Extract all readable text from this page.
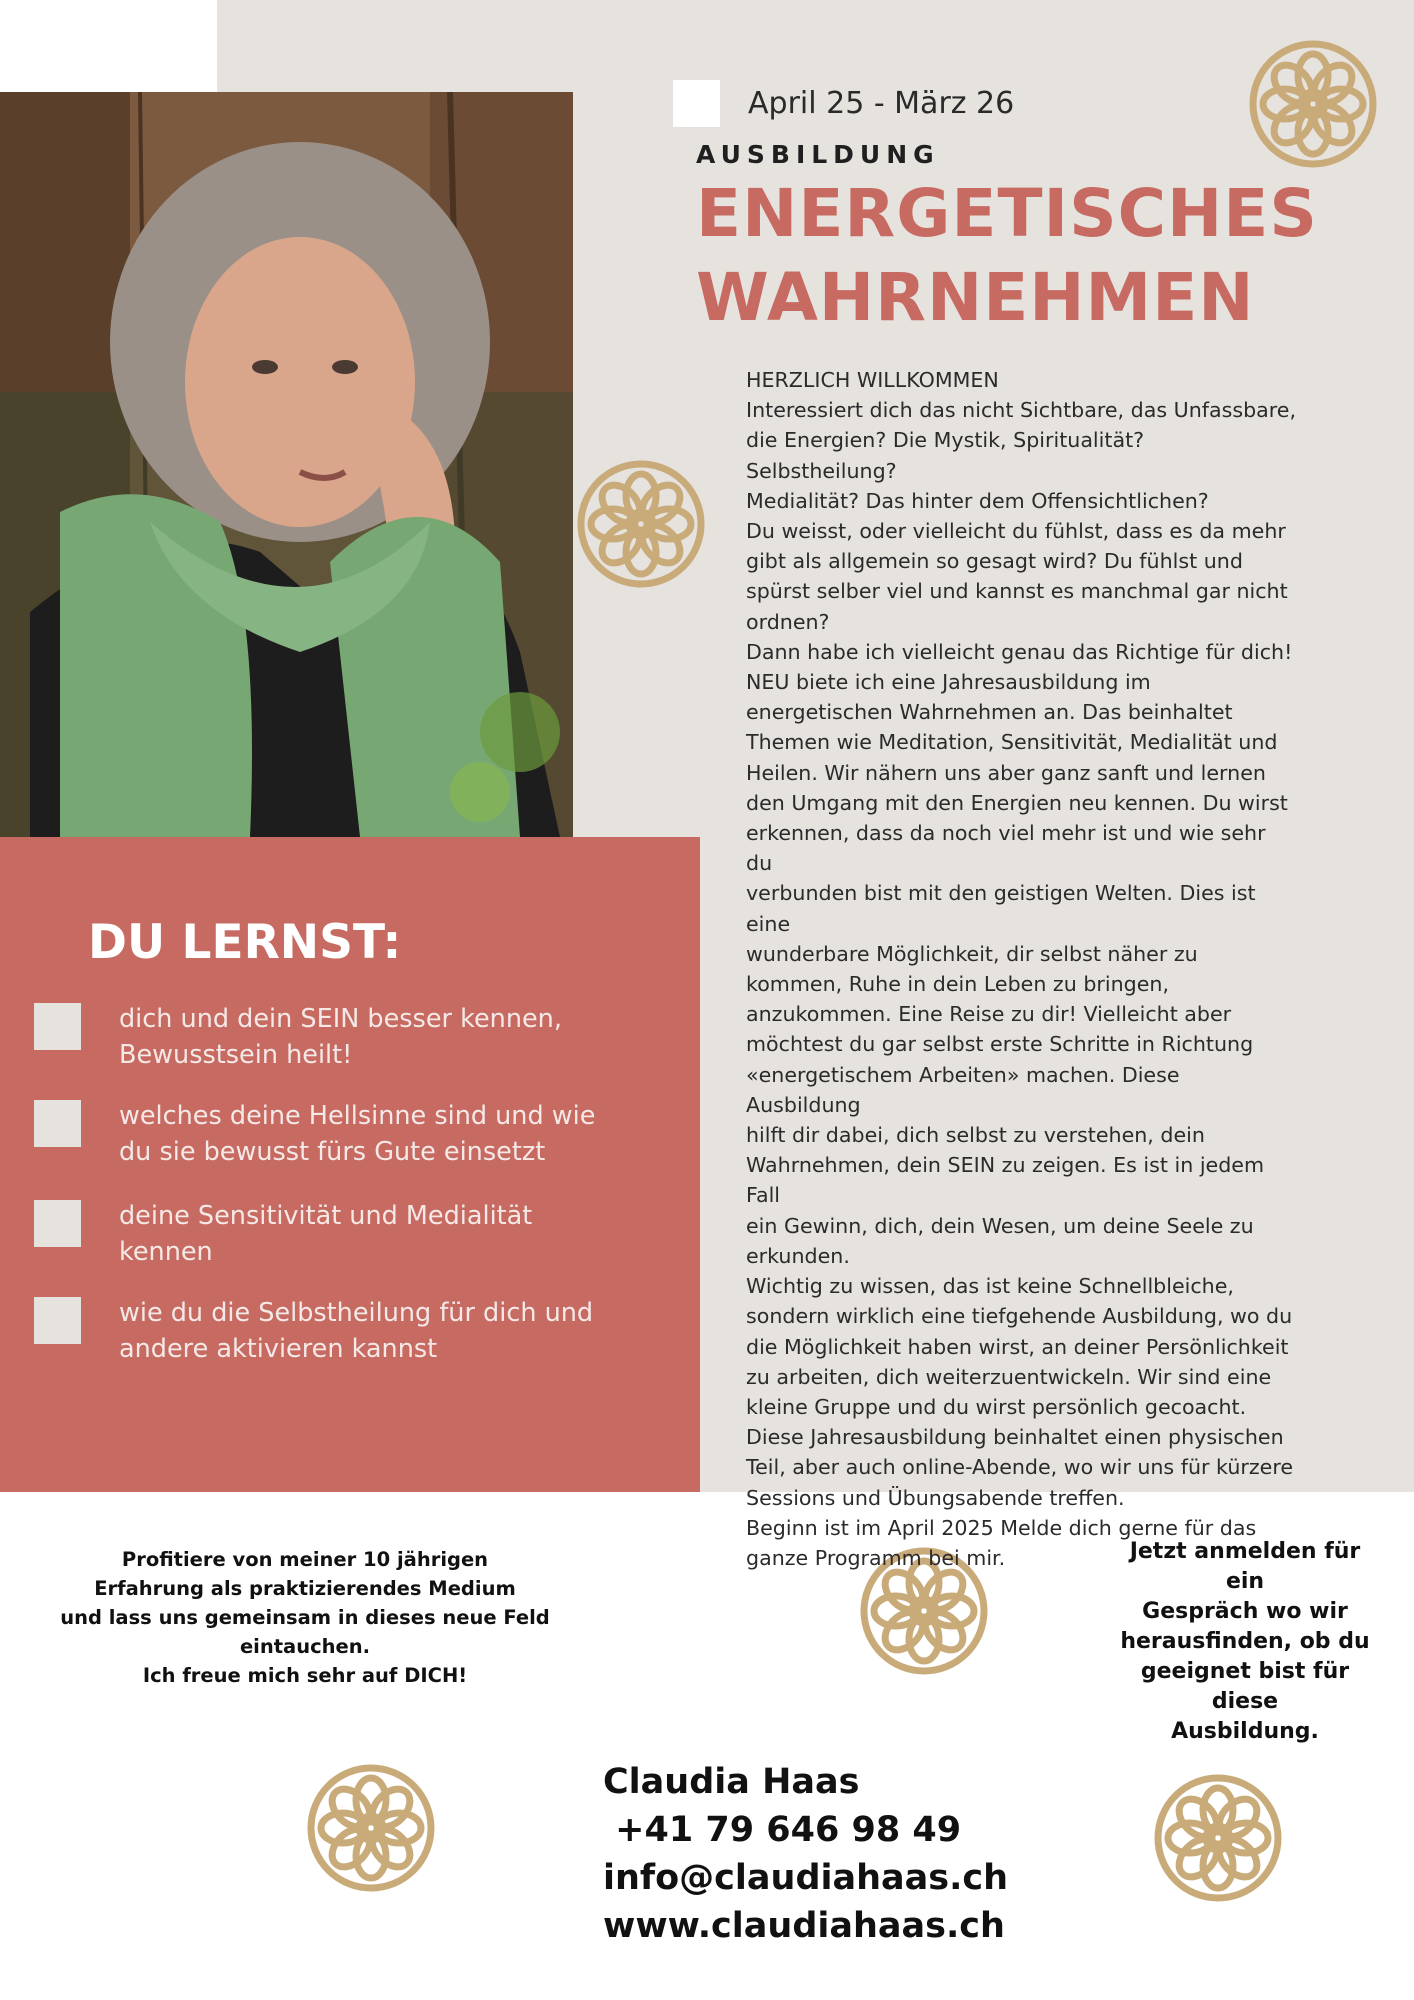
April 25 - März 26
AUSBILDUNG
ENERGETISCHES
WAHRNEHMEN

HERZLICH WILLKOMMEN

Interessiert dich das nicht Sichtbare, das Unfassbare,

die Energien? Die Mystik, Spiritualität? Selbstheilung?

Medialität? Das hinter dem Offensichtlichen?

Du weisst, oder vielleicht du fühlst, dass es da mehr

gibt als allgemein so gesagt wird? Du fühlst und

spürst selber viel und kannst es manchmal gar nicht

ordnen?

Dann habe ich vielleicht genau das Richtige für dich!

NEU biete ich eine Jahresausbildung im

energetischen Wahrnehmen an. Das beinhaltet

Themen wie Meditation, Sensitivität, Medialität und

Heilen. Wir nähern uns aber ganz sanft und lernen

den Umgang mit den Energien neu kennen. Du wirst

erkennen, dass da noch viel mehr ist und wie sehr du

verbunden bist mit den geistigen Welten. Dies ist eine

wunderbare Möglichkeit, dir selbst näher zu

kommen, Ruhe in dein Leben zu bringen,

anzukommen. Eine Reise zu dir! Vielleicht aber

möchtest du gar selbst erste Schritte in Richtung

«energetischem Arbeiten» machen. Diese Ausbildung

hilft dir dabei, dich selbst zu verstehen, dein

Wahrnehmen, dein SEIN zu zeigen. Es ist in jedem Fall

ein Gewinn, dich, dein Wesen, um deine Seele zu

erkunden.

Wichtig zu wissen, das ist keine Schnellbleiche,

sondern wirklich eine tiefgehende Ausbildung, wo du

die Möglichkeit haben wirst, an deiner Persönlichkeit

zu arbeiten, dich weiterzuentwickeln. Wir sind eine

kleine Gruppe und du wirst persönlich gecoacht.

Diese Jahresausbildung beinhaltet einen physischen

Teil, aber auch online-Abende, wo wir uns für kürzere

Sessions und Übungsabende treffen.

Beginn ist im April 2025 Melde dich gerne für das

ganze Programm bei mir.

DU LERNST:
dich und dein SEIN besser kennen, Bewusstsein heilt!
welches deine Hellsinne sind und wie du sie bewusst fürs Gute einsetzt
deine Sensitivität und Medialität kennen
wie du die Selbstheilung für dich und andere aktivieren kannst
Profitiere von meiner 10 jährigen
Erfahrung als praktizierendes Medium
und lass uns gemeinsam in dieses neue Feld eintauchen.
Ich freue mich sehr auf DICH!
Jetzt anmelden für ein
Gespräch wo wir
herausfinden, ob du
geeignet bist für diese
Ausbildung.
Claudia Haas
+41 79 646 98 49
info@claudiahaas.ch
www.claudiahaas.ch
